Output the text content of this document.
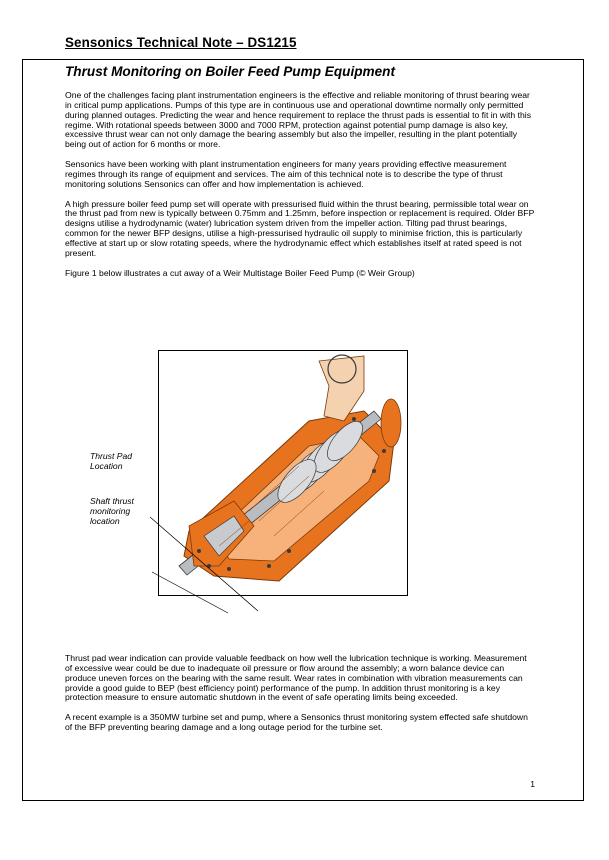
Sensonics Technical Note – DS1215
Thrust Monitoring on Boiler Feed Pump Equipment

One of the challenges facing plant instrumentation engineers is the effective and reliable monitoring of thrust bearing wear in critical pump applications. Pumps of this type are in continuous use and operational downtime normally only permitted during planned outages. Predicting the wear and hence requirement to replace the thrust pads is essential to fit in with this regime. With rotational speeds between 3000 and 7000 RPM, protection against potential pump damage is also key, excessive thrust wear can not only damage the bearing assembly but also the impeller, resulting in the plant potentially being out of action for 6 months or more.

Sensonics have been working with plant instrumentation engineers for many years providing effective measurement regimes through its range of equipment and services. The aim of this technical note is to describe the type of thrust monitoring solutions Sensonics can offer and how implementation is achieved.

A high pressure boiler feed pump set will operate with pressurised fluid within the thrust bearing, permissible total wear on the thrust pad from new is typically between 0.75mm and 1.25mm, before inspection or replacement is required. Older BFP designs utilise a hydrodynamic (water) lubrication system driven from the impeller action. Tilting pad thrust bearings, common for the newer BFP designs, utilise a high-pressurised hydraulic oil supply to minimise friction, this is particularly effective at start up or slow rotating speeds, where the hydrodynamic effect which establishes itself at rated speed is not present.

Figure 1 below illustrates a cut away of a Weir Multistage Boiler Feed Pump (© Weir Group)

Thrust Pad Location
Shaft thrust monitoring location

Thrust pad wear indication can provide valuable feedback on how well the lubrication technique is working. Measurement of excessive wear could be due to inadequate oil pressure or flow around the assembly; a worn balance device can produce uneven forces on the bearing with the same result. Wear rates in combination with vibration measurements can provide a good guide to BEP (best efficiency point) performance of the pump. In addition thrust monitoring is a key protection measure to ensure automatic shutdown in the event of safe operating limits being exceeded.

A recent example is a 350MW turbine set and pump, where a Sensonics thrust monitoring system effected safe shutdown of the BFP preventing bearing damage and a long outage period for the turbine set.

1
